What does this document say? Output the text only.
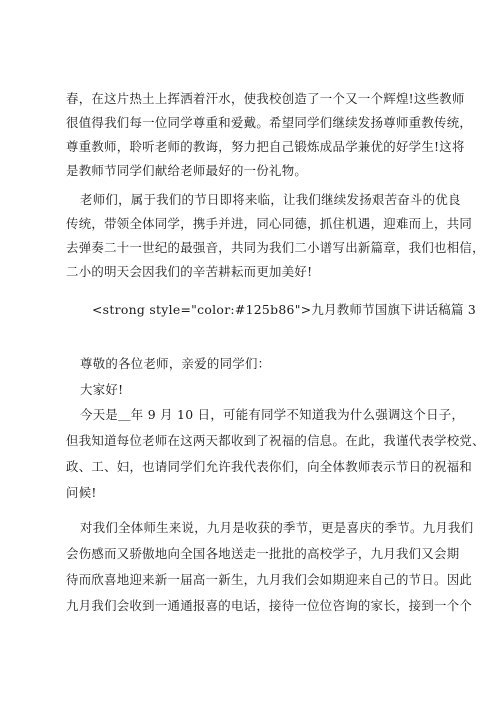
春，在这片热土上挥洒着汗水，使我校创造了一个又一个辉煌!这些教师
很值得我们每一位同学尊重和爱戴。希望同学们继续发扬尊师重教传统，
尊重教师，聆听老师的教诲，努力把自己锻炼成品学兼优的好学生!这将
是教师节同学们献给老师最好的一份礼物。
老师们，属于我们的节日即将来临，让我们继续发扬艰苦奋斗的优良
传统，带领全体同学，携手并进，同心同德，抓住机遇，迎难而上，共同
去弹奏二十一世纪的最强音，共同为我们二小谱写出新篇章，我们也相信，
二小的明天会因我们的辛苦耕耘而更加美好!
<strong style="color:#125b86">九月教师节国旗下讲话稿篇 3
尊敬的各位老师，亲爱的同学们：
大家好!
今天是＿年 9 月 10 日，可能有同学不知道我为什么强调这个日子，
但我知道每位老师在这两天都收到了祝福的信息。在此，我谨代表学校党、
政、工、妇，也请同学们允许我代表你们，向全体教师表示节日的祝福和
问候!
对我们全体师生来说，九月是收获的季节，更是喜庆的季节。九月我们
会伤感而又骄傲地向全国各地送走一批批的高校学子，九月我们又会期
待而欣喜地迎来新一届高一新生，九月我们会如期迎来自己的节日。因此
九月我们会收到一通通报喜的电话，接待一位位咨询的家长，接到一个个
